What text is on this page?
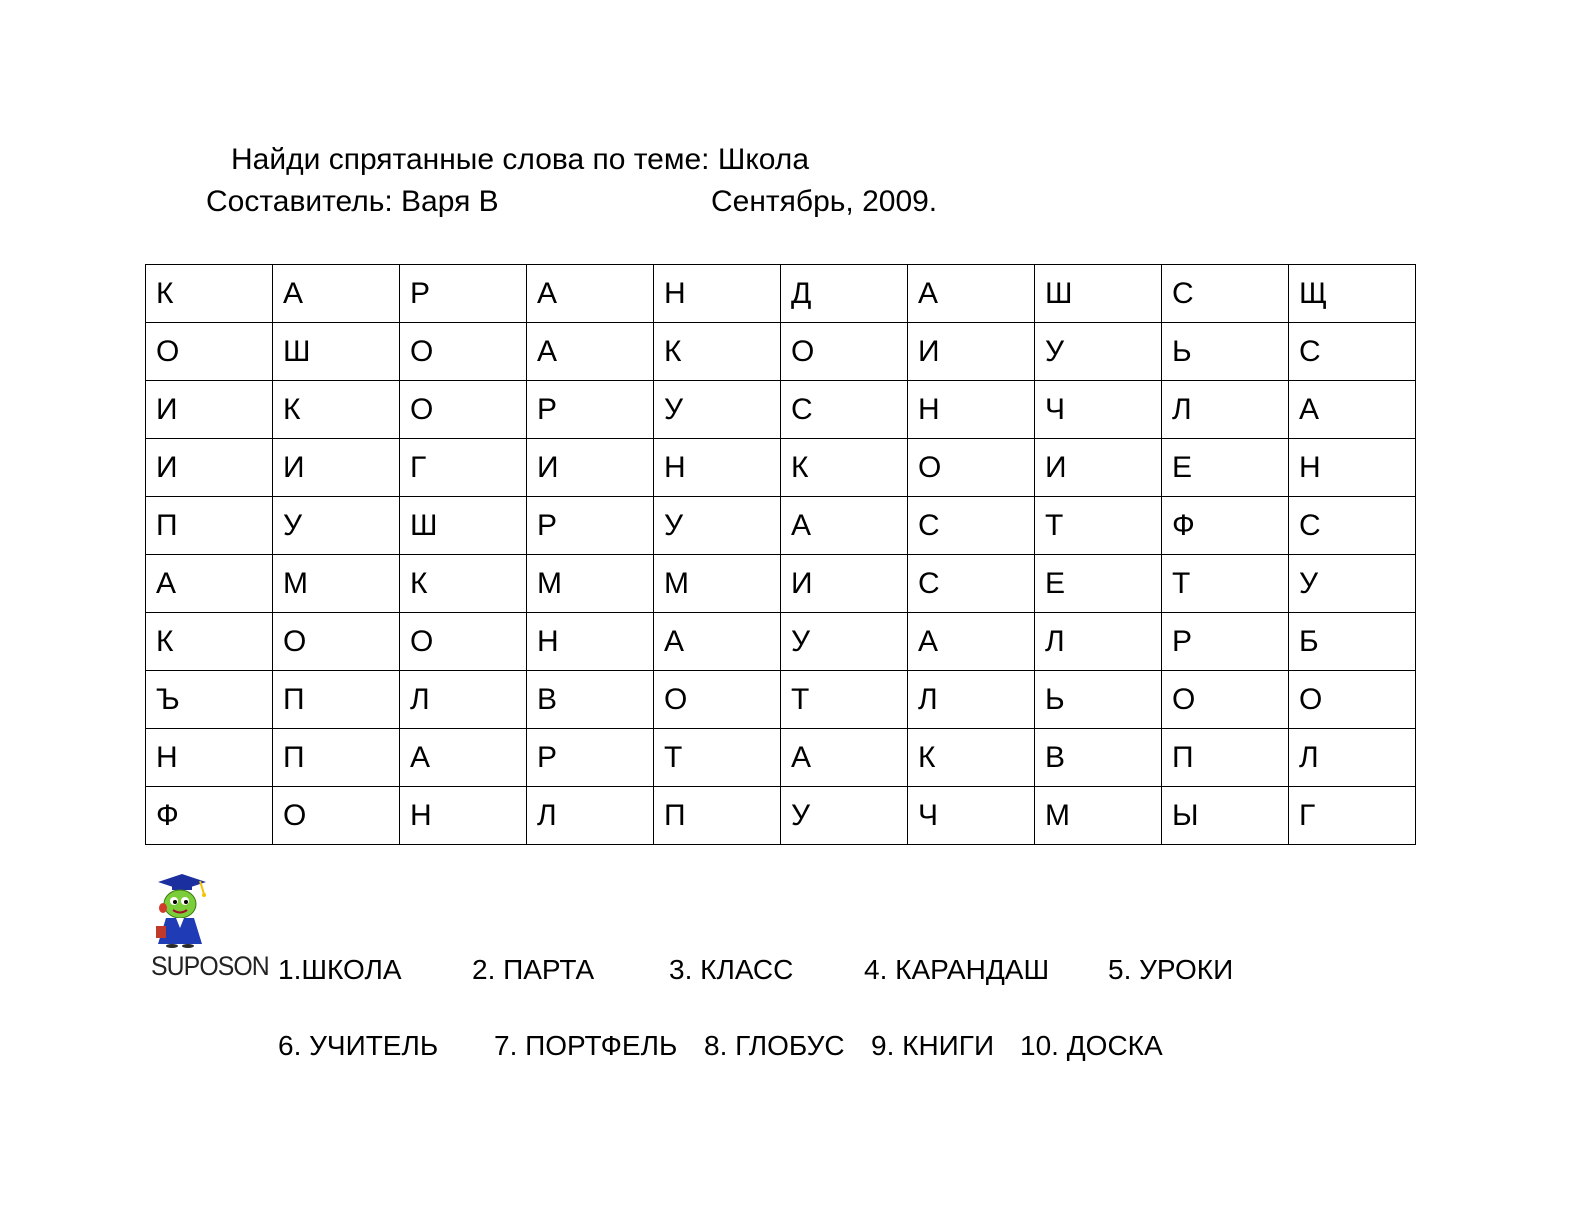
Найди спрятанные слова по теме: Школа
Составитель: Варя В	Сентябрь, 2009.
К	А	Р	А	Н	Д	А	Ш	С	Щ
О	Ш	О	А	К	О	И	У	Ь	С
И	К	О	Р	У	С	Н	Ч	Л	А
И	И	Г	И	Н	К	О	И	Е	Н
П	У	Ш	Р	У	А	С	Т	Ф	С
А	М	К	М	М	И	С	Е	Т	У
К	О	О	Н	А	У	А	Л	Р	Б
Ъ	П	Л	В	О	Т	Л	Ь	О	О
Н	П	А	Р	Т	А	К	В	П	Л
Ф	О	Н	Л	П	У	Ч	М	Ы	Г
SUPOSON 1.ШКОЛА	2. ПАРТА	3. КЛАСС	4. КАРАНДАШ 5. УРОКИ
6. УЧИТЕЛЬ 7. ПОРТФЕЛЬ 8. ГЛОБУС 9. КНИГИ 10. ДОСКА
